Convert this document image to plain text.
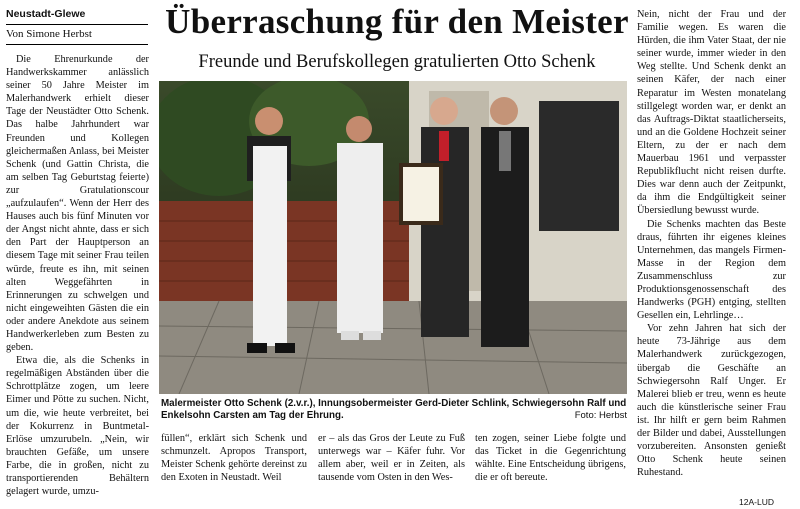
Neustadt-Glewe
Von Simone Herbst Überraschung für den Meister
Freunde und Berufskollegen gratulierten Otto Schenk

Die Ehrenurkunde der Handwerkskammer anlässlich seiner 50 Jahre Meister im Malerhandwerk erhielt dieser Tage der Neustädter Otto Schenk. Das halbe Jahrhundert war Freunden und Kollegen gleichermaßen Anlass, bei Meister Schenk (und Gattin Christa, die am selben Tag Geburtstag feierte) zur Gratulationscour „aufzulaufen“. Wenn der Herr des Hauses auch bis fünf Minuten vor der Angst nicht ahnte, dass er sich den Part der Hauptperson an diesem Tage mit seiner Frau teilen würde, freute es ihn, mit seinen alten Weggefährten in Erinnerungen zu schwelgen und nicht eingeweihten Gästen die ein oder andere Anekdote aus seinem Handwerkerleben zum Besten zu geben.

Etwa die, als die Schenks in regelmäßigen Abständen über die Schrottplätze zogen, um leere Eimer und Pötte zu suchen. Nicht, um die, wie heute verbreitet, bei der Kokurrenz in Buntmetal-Erlöse umzurubeln. „Nein, wir brauchten Gefäße, um unsere Farbe, die in großen, nicht zu transportierenden Behältern gelagert wurde, umzu-

Malermeister Otto Schenk (2.v.r.), Innungsobermeister Gerd-Dieter Schlink, Schwiegersohn Ralf und Enkelsohn Carsten am Tag der Ehrung.	Foto: Herbst

füllen“, erklärt sich Schenk und schmunzelt. Apropos Transport, Meister Schenk gehörte dereinst zu den Exoten in Neustadt. Weil

er – als das Gros der Leute zu Fuß unterwegs war – Käfer fuhr. Vor allem aber, weil er in Zeiten, als tausende vom Osten in den Wes-

ten zogen, seiner Liebe folgte und das Ticket in die Gegenrichtung wählte. Eine Entscheidung übrigens, die er oft bereute.

Nein, nicht der Frau und der Familie wegen. Es waren die Hürden, die ihm Vater Staat, der nie seiner wurde, immer wieder in den Weg stellte. Und Schenk denkt an seinen Käfer, der nach einer Reparatur im Westen monatelang stillgelegt worden war, er denkt an das Auftrags-Diktat staatlicherseits, und an die Goldene Hochzeit seiner Eltern, zu der er nach dem Mauerbau 1961 und verpasster Republikflucht nicht reisen durfte. Dies war denn auch der Zeitpunkt, da ihm die Endgültigkeit seiner Übersiedlung bewusst wurde.

Die Schenks machten das Beste draus, führten ihr eigenes kleines Unternehmen, das mangels Firmen-Masse in der Region dem Zusammenschluss zur Produktionsgenossenschaft des Handwerks (PGH) entging, stellten Gesellen ein, Lehrlinge…

Vor zehn Jahren hat sich der heute 73-Jährige aus dem Malerhandwerk zurückgezogen, übergab die Geschäfte an Schwiegersohn Ralf Unger. Er Malerei blieb er treu, wenn es heute auch die künstlerische seiner Frau ist. Ihr hilft er gern beim Rahmen der Bilder und dabei, Ausstellungen vorzubereiten. Ansonsten genießt Otto Schenk heute seinen Ruhestand.

12A-LUD
